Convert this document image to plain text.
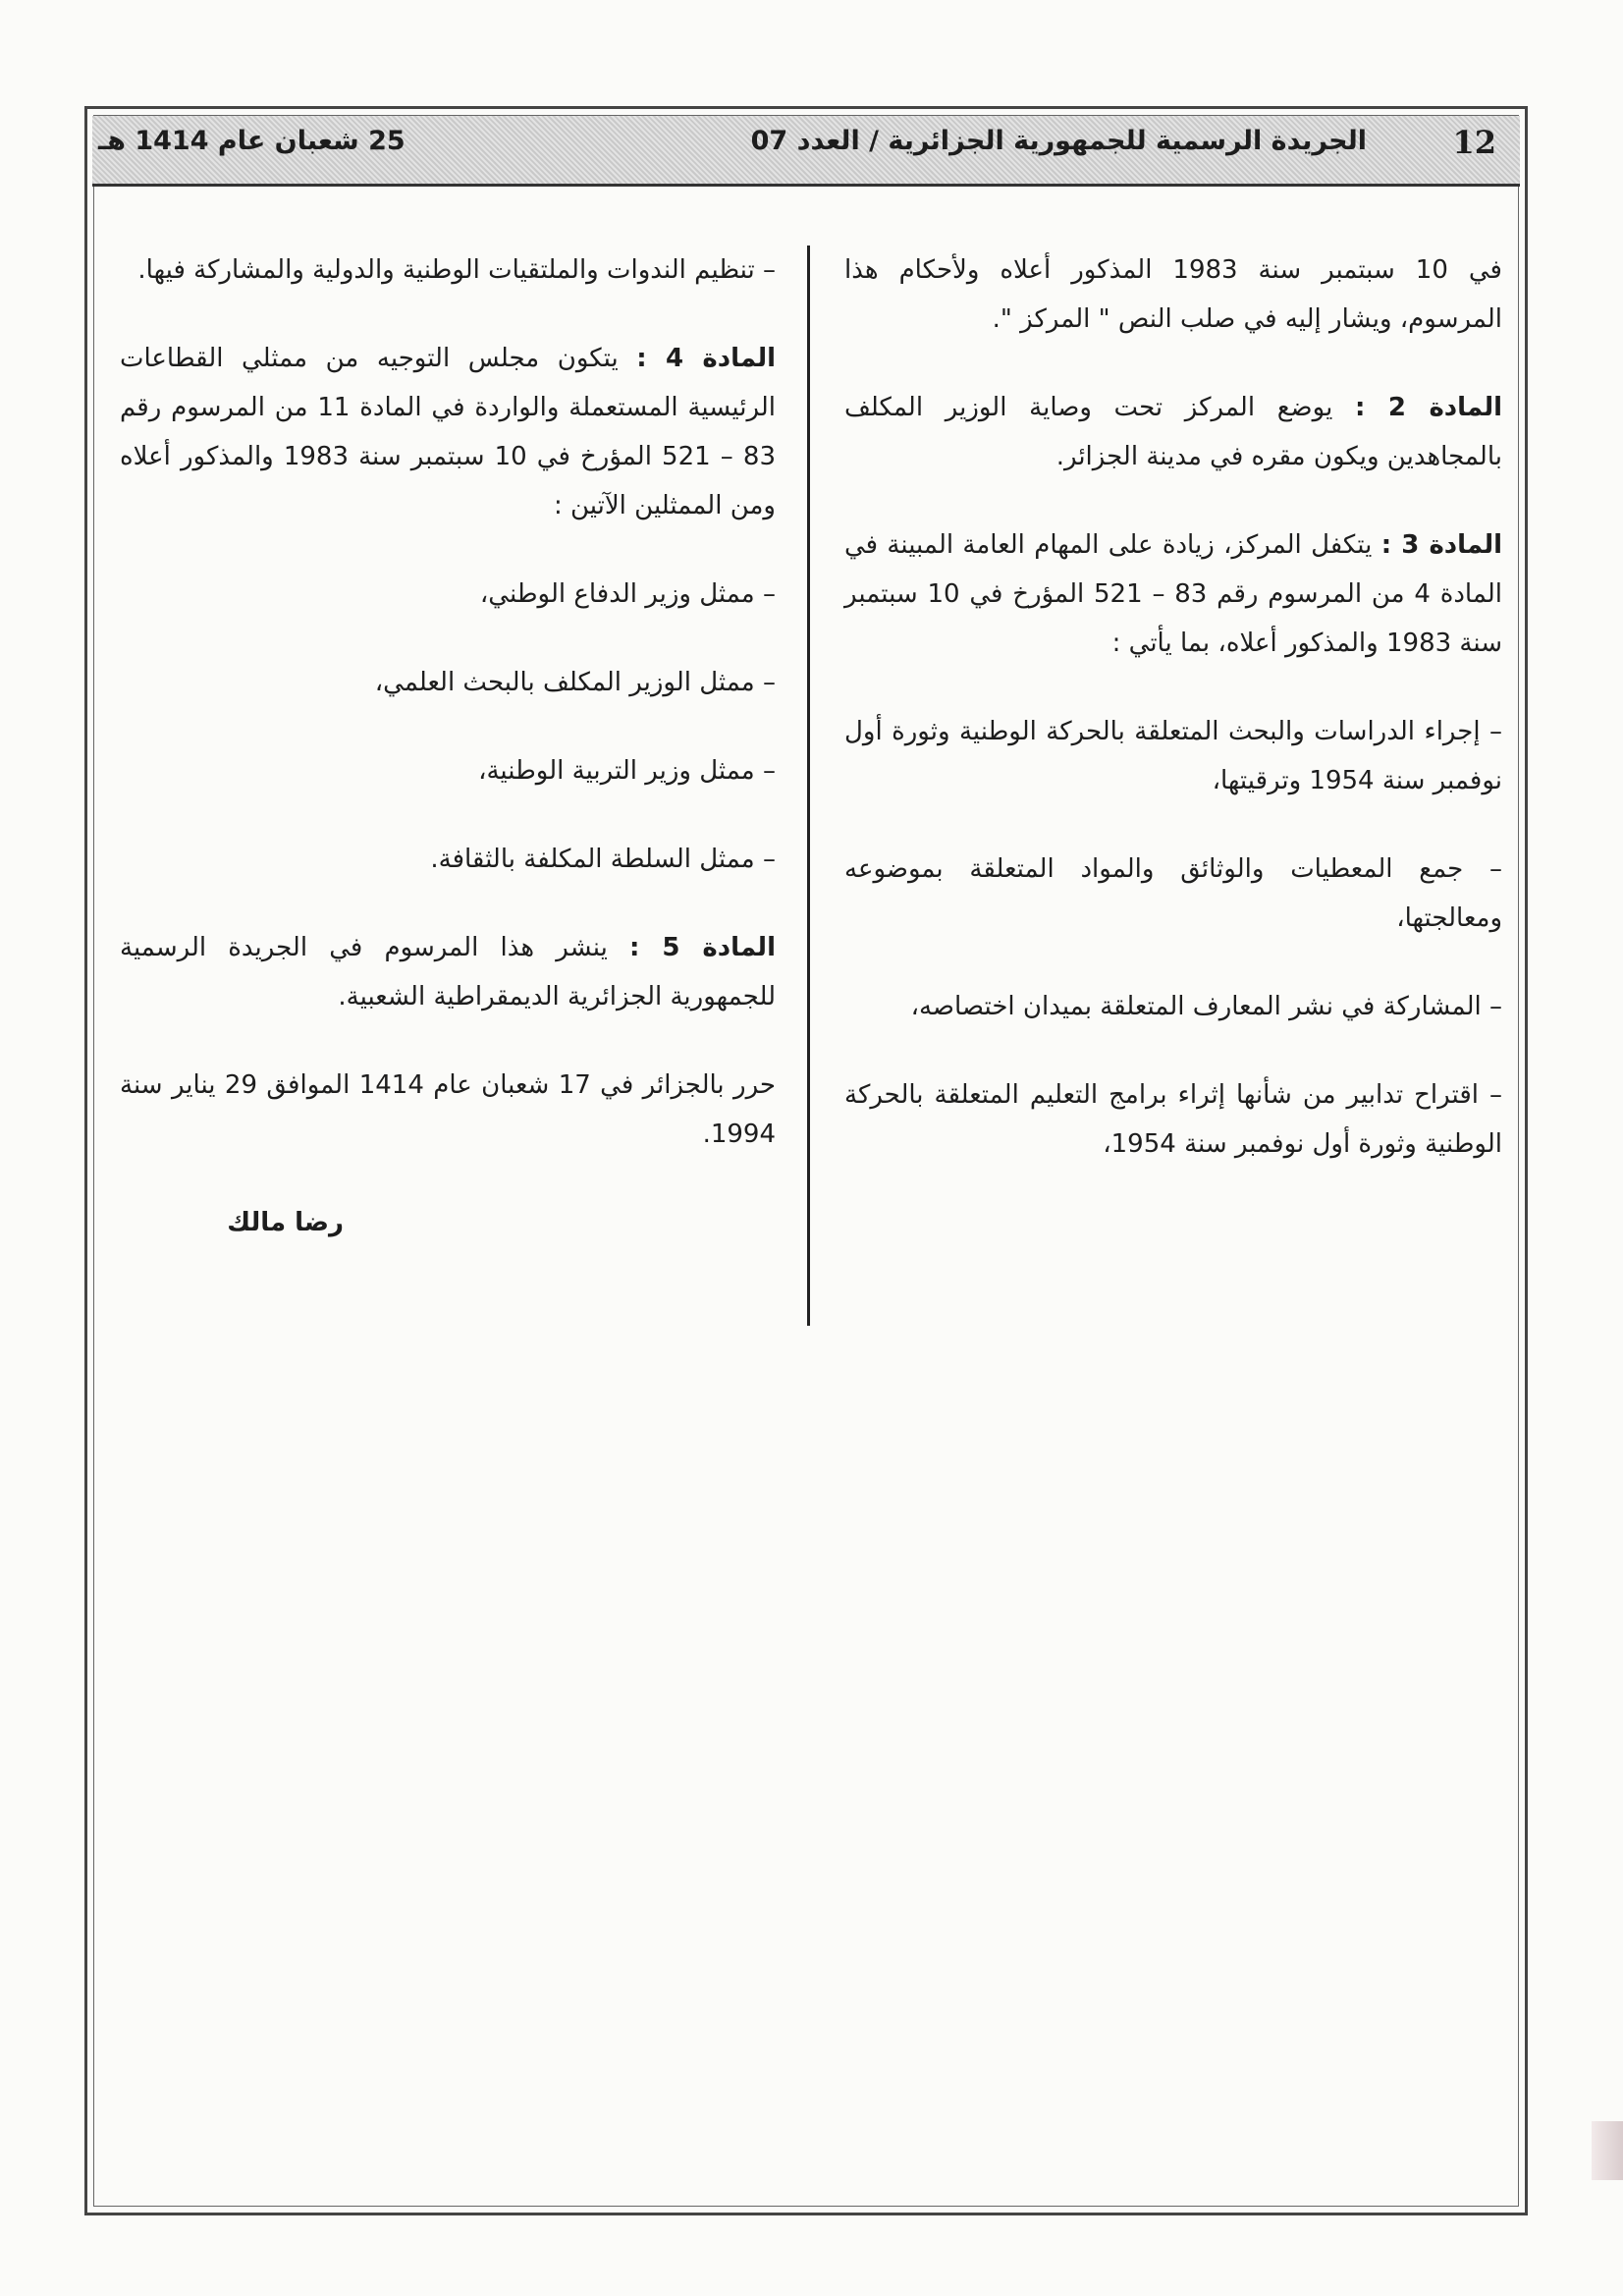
12
الجريدة الرسمية للجمهورية الجزائرية / العدد 07
25 شعبان عام 1414 هـ

في 10 سبتمبر سنة 1983 المذكور أعلاه ولأحكام هذا المرسوم، ويشار إليه في صلب النص " المركز ".

المادة 2 : يوضع المركز تحت وصاية الوزير المكلف بالمجاهدين ويكون مقره في مدينة الجزائر.

المادة 3 : يتكفل المركز، زيادة على المهام العامة المبينة في المادة 4 من المرسوم رقم 83 – 521 المؤرخ في 10 سبتمبر سنة 1983 والمذكور أعلاه، بما يأتي :

– إجراء الدراسات والبحث المتعلقة بالحركة الوطنية وثورة أول نوفمبر سنة 1954 وترقيتها،

– جمع المعطيات والوثائق والمواد المتعلقة بموضوعه ومعالجتها،

– المشاركة في نشر المعارف المتعلقة بميدان اختصاصه،

– اقتراح تدابير من شأنها إثراء برامج التعليم المتعلقة بالحركة الوطنية وثورة أول نوفمبر سنة 1954،

– تنظيم الندوات والملتقيات الوطنية والدولية والمشاركة فيها.

المادة 4 : يتكون مجلس التوجيه من ممثلي القطاعات الرئيسية المستعملة والواردة في المادة 11 من المرسوم رقم 83 – 521 المؤرخ في 10 سبتمبر سنة 1983 والمذكور أعلاه ومن الممثلين الآتين :

– ممثل وزير الدفاع الوطني،

– ممثل الوزير المكلف بالبحث العلمي،

– ممثل وزير التربية الوطنية،

– ممثل السلطة المكلفة بالثقافة.

المادة 5 : ينشر هذا المرسوم في الجريدة الرسمية للجمهورية الجزائرية الديمقراطية الشعبية.

حرر بالجزائر في 17 شعبان عام 1414 الموافق 29 يناير سنة 1994.

رضا مالك
